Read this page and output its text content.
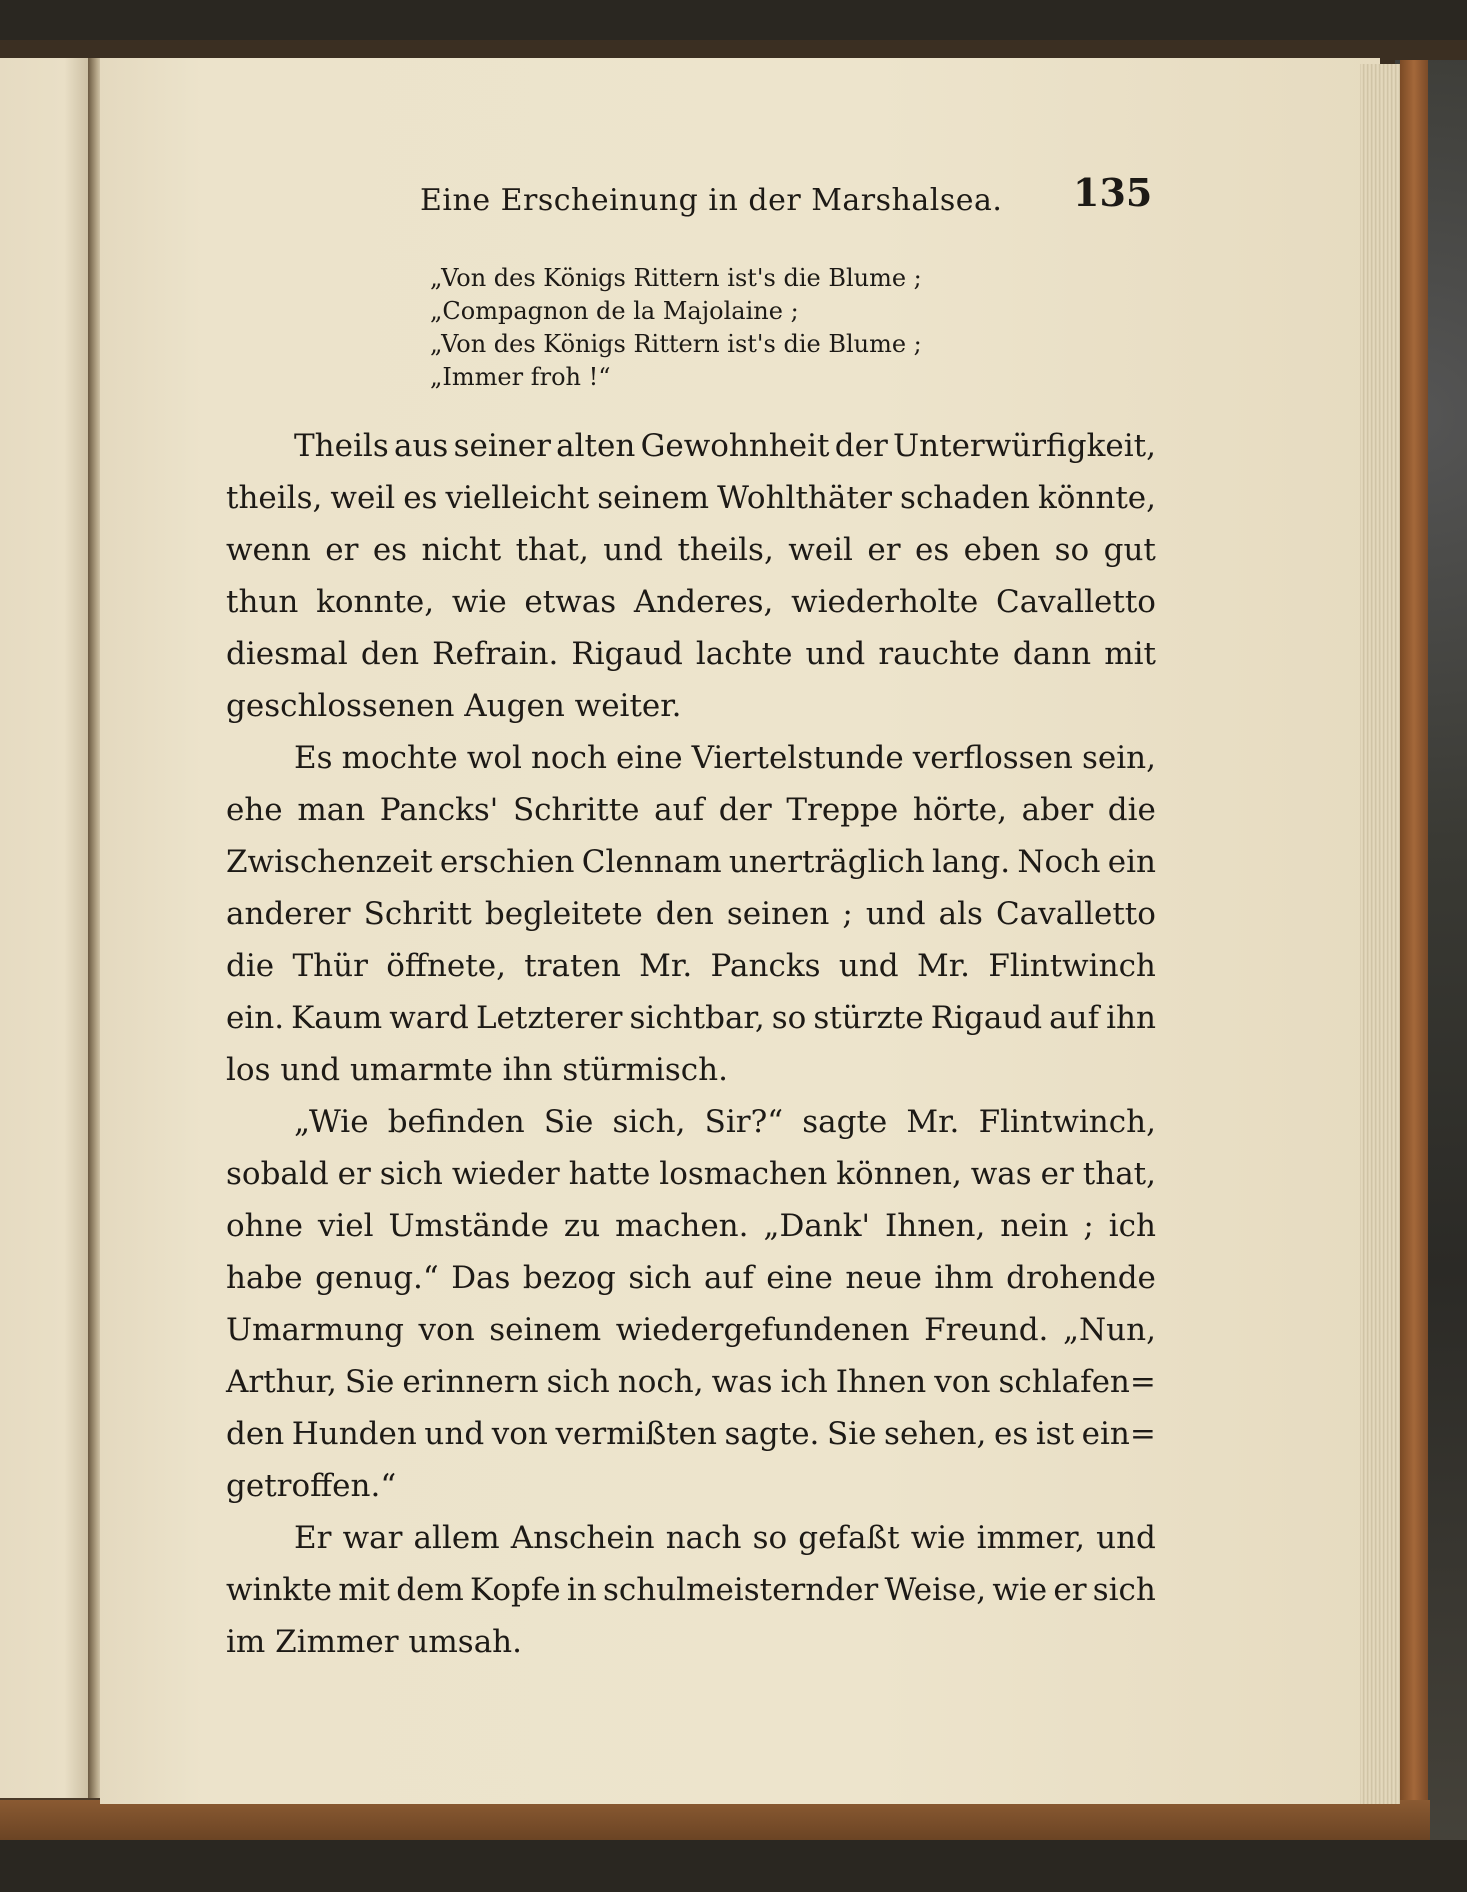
Eine Erscheinung in der Marshalsea. 135
„Von des Königs Rittern ist's die Blume ;
„Compagnon de la Majolaine ;
„Von des Königs Rittern ist's die Blume ;
„Immer froh !“
Theils aus seiner alten Gewohnheit der Unterwürfigkeit,
theils, weil es vielleicht seinem Wohlthäter schaden könnte,
wenn er es nicht that, und theils, weil er es eben so gut
thun konnte, wie etwas Anderes, wiederholte Cavalletto
diesmal den Refrain. Rigaud lachte und rauchte dann mit
geschlossenen Augen weiter.
Es mochte wol noch eine Viertelstunde verflossen sein,
ehe man Pancks' Schritte auf der Treppe hörte, aber die
Zwischenzeit erschien Clennam unerträglich lang. Noch ein
anderer Schritt begleitete den seinen ; und als Cavalletto
die Thür öffnete, traten Mr. Pancks und Mr. Flintwinch
ein. Kaum ward Letzterer sichtbar, so stürzte Rigaud auf ihn
los und umarmte ihn stürmisch.
„Wie befinden Sie sich, Sir?“ sagte Mr. Flintwinch,
sobald er sich wieder hatte losmachen können, was er that,
ohne viel Umstände zu machen. „Dank' Ihnen, nein ; ich
habe genug.“ Das bezog sich auf eine neue ihm drohende
Umarmung von seinem wiedergefundenen Freund. „Nun,
Arthur, Sie erinnern sich noch, was ich Ihnen von schlafen=
den Hunden und von vermißten sagte. Sie sehen, es ist ein=
getroffen.“
Er war allem Anschein nach so gefaßt wie immer, und
winkte mit dem Kopfe in schulmeisternder Weise, wie er sich
im Zimmer umsah.
